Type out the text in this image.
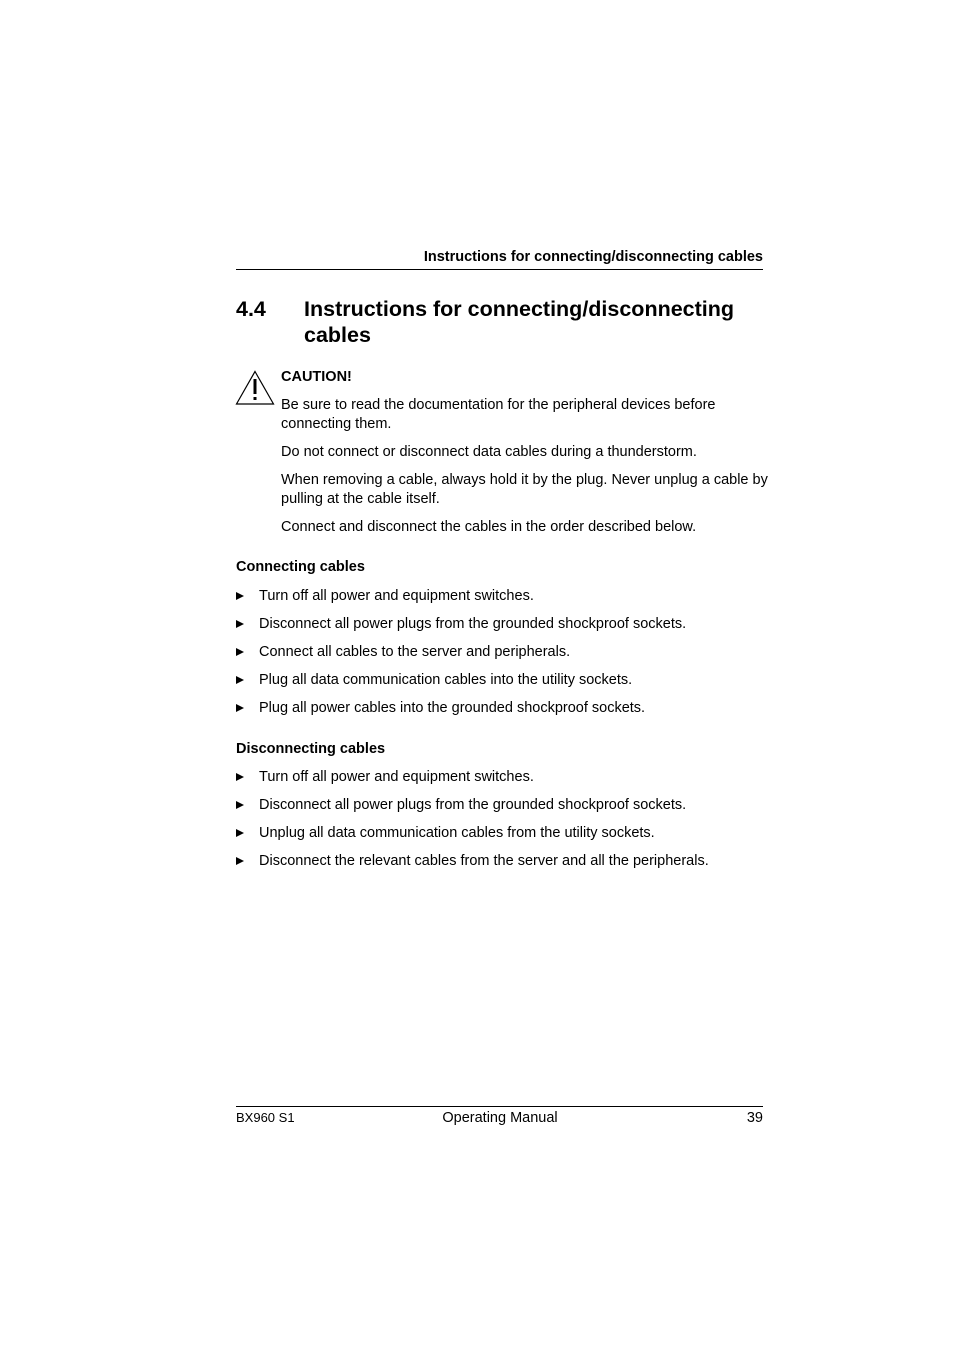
Instructions for connecting/disconnecting cables
4.4 Instructions for connecting/disconnecting cables
CAUTION!

Be sure to read the documentation for the peripheral devices before connecting them.

Do not connect or disconnect data cables during a thunderstorm.

When removing a cable, always hold it by the plug. Never unplug a cable by pulling at the cable itself.

Connect and disconnect the cables in the order described below.

Connecting cables
Turn off all power and equipment switches.
Disconnect all power plugs from the grounded shockproof sockets.
Connect all cables to the server and peripherals.
Plug all data communication cables into the utility sockets.
Plug all power cables into the grounded shockproof sockets.
Disconnecting cables
Turn off all power and equipment switches.
Disconnect all power plugs from the grounded shockproof sockets.
Unplug all data communication cables from the utility sockets.
Disconnect the relevant cables from the server and all the peripherals.
BX960 S1	Operating Manual	39
